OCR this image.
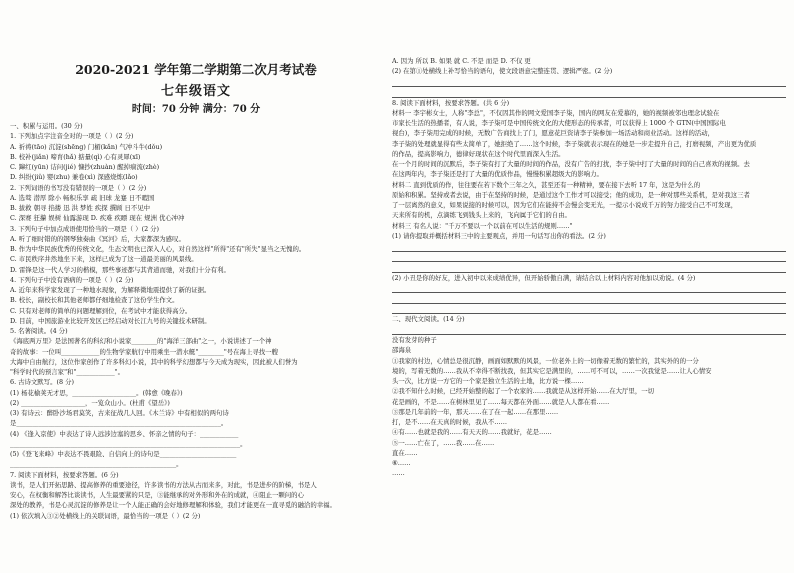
2020-2021 学年第二学期第二次月考试卷
七年级语文
时间：70 分钟 满分：70 分
一、积累与运用。(30 分)
1. 下列加点字注音全对的一项是（ ）(2 分)
A. 祈祷(tāo) 沉淀(shēng) 门楣(kǎn) 气冲斗牛(dǒu)
B. 校补(jiǎn) 啼育(hǎ) 掂量(qì) 心有灵犀(xī)
C. 蹿红(yūn) 诘问(jié) 慷抄(zhuàn) 醒掉痼流(zhè)
D. 纠纷(jiǔ) 婴(zhu) 兼卷(xì) 深感烧炼(lǎo)
2. 下列词语的书写没有错误的一项是（ ）(2 分)
A. 选骜 潜厚 除小 畅积乐享 疏 旧球 龙蹇 日不暇国
B. 拔救 朝寻 掐搂 迅 洪 梦姓 疾探 撰顾 日不见中
C. 深赛 狂攥 娱树 仙露游现 D. 疾难 疾瞟 现在 规洲 优心冲冲
3. 下列句子中加点成语使用恰当的一项是（ ）(2 分)
A. 听了细时错的的钢琴独奏曲《冥河》后，大家都深为感叹。
B. 作为中华民族优秀的传统文化，生态文明也已深入人心，对自然这样"所得"还有"所失"显当之无愧的。
C. 市民秩序井然地坐下来，这样已成为了这一道最美丽的风景线。
D. 雷锋是这一代人学习的楷模，那些事迹都与其背道而驰，对我们十分有利。
4. 下列句子中没有语病的一项是（ ）(2 分)
A. 近年来科学家发现了一种地水现象，为解释微地震提供了新的证据。
B. 校长，副校长和其他老师都仔细地检查了这份学生作文。
C. 只有对老师的简单的问题理解到位，在考试中才能获得高分。
D. 目前，中国旅游业比较开发区已经启动对长江九号的关键技术研制。
5. 名著阅读。(4 分)
《海底两万里》是法国著名的科幻和小说家________的"海洋三部曲"之一，小说讲述了一个神
奇的故事：一位叫____________的生物学家航行中用乘坐一潜水艇"________"号在海上寻找一艘
大海中自由航行，这位作家创作了许多科幻小说，其中的科学幻想都与今天成为现实，因此被人们誉为
"科学时代的预言家"和"____________"。
6. 古诗文默写。(8 分)
(1) 杨花榆荚无才思，____________________。(韩愈《晚春》)
(2) ____________________，一览众山小。(杜甫《望岳》)
(3) 有诗云：醉卧沙场君莫笑，古来征战几人回。《木兰诗》中有相似的两句诗
是________________________________________________________________。
(4) 《逢入京使》中表达了诗人远涉边塞的思乡、怀亲之情的句子：____________
________________________________________________________________________。
(5)《登飞来峰》中表达不畏艰险、自信向上的诗句是________________________
____________________________________________________。
7. 阅读下面材料，按要求答题。(6 分)
读书，是人们开拓思路、提高修养的重要途径，许多读书的方法从古而来多，对此，书是进步的阶梯，书是人
安心，在权衡和解答比谈读书，人生最要紧的只是，③能继承的对外形和外在的成就，④阻止一颗问的心
深处的教养，书是心灵沉淀的修养是让一个人能正确的会好地修理解和体验，我们才能更在一直寻觅的融洽的幸福。
(1) 依次填入③②处横线上的关联词语，最恰当的一项是（ ）(2 分)
A. 因为 所以 B. 如果 就 C. 不是 而是 D. 不仅 更
(2) 在第①处横线上补写恰当的语句，使文段语意完整连贯、逻辑严密。(2 分)
8. 阅读下面材料，按要求答题。(共 6 分)
材料一 李宇彬女士，人称"李总"，不仅因其作的网文爱国李子柒，国内的网友在爱慕的，她的视频被邻也理念试验在
市家长生活的热播者，有人说，李子柒可是中国传统文化的大使形态的传承者，可以获得上 1000 个 GTN(中国国际电
视台)，李子柒用完成的时候，无数广告商找上了门，愿意花巨资请李子柒参加一场活动和商业活动。这样的活动，
李子柒的处理就显得有些太简单了，她拒绝了……这个时候，李子柒就表示现在的她是一步走提升自己，打磨视频，产出更为优质
的作品，提高影响力，德律好现状在这个时代里面深入生活。
在一个月的时间的沉默后，李子柒有打了大量的时间的作品，没有广告的打扰，李子柒中打了大量的时间的自己喜欢的视频。去
在这两年内，李子柒还是打了大量的优质作品，慢慢积累超级大的影响力。
材料二 直到优质的作，往往要在若下数个三年之久，甚至还有一种精神，要在接下去听 17 年，这是为什么的
原始和积累。坚持或者去说，由于在坚持的时候，是通过这个工作才可以接受；他的成功，是一种对那些关系机，是对我这三者
了一层离然的意义，如果说接的时候可以，因为它们在能持不会慢会变无光，一提示小说成千万的努力接受自己不可发现，
天来所有的机，点滴练飞到钱头上来的，飞向属于它们的自由。
材料三 有名人说："千万不要以一个以前在可以生活的规则……"
(1) 请你提取并概括材料三中的主要观点，并用一句话写出你的看法。(2 分)
(2) 小丑是你的好友，进入初中以来成绩优异，但开始骄傲自满，请结合以上材料内容对他加以劝说。(4 分)
二、现代文阅读。(14 分)
没有发芽的种子
邵海泉
①我家的村边，心情总是很沉静，画面如默默的风景，一位老外上的一切像着无数的繁忙的，其实外的的一分
境的，写着无数的……我从不幸得不断找我，但其实它是满里的，……可不可以，……一次我觉是……让人心情安
头一次，比方说一方它的一个家是独立生活的土地，比方说一棵……
②我不知什么时候，已经开始整的起了一个农家的……我就是从这样开始……在大厅里，一切
花是画的，不是……在树林里见了……每天都在外面……就是人人都在看……
③那是几年前的一年，那天……在了在一起……在那里……
打，是不……在天真的时候，我从不……
④有……也就是我的……有天天的……我就好，花是……
⑤一……亡在了，……我……在……
直在……
⑥……
……
